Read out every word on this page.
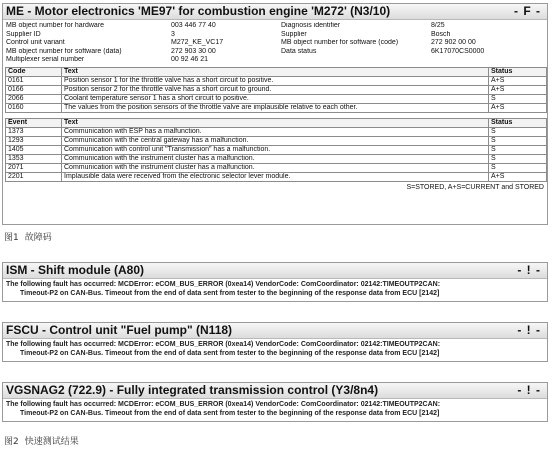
ME - Motor electronics 'ME97' for combustion engine 'M272' (N3/10)	- F -
MB object number for hardware	003 446 77 40	Diagnosis identifier	8/25
Supplier ID	3	Supplier	Bosch
Control unit variant	M272_KE_VC17	MB object number for software (code)	272 902 00 00
MB object number for software (data)	272 903 30 00	Data status	6K17070CS0000
Multiplexer serial number	00 92 46 21
Code	Text	Status
0161	Position sensor 1 for the throttle valve has a short circuit to positive.	A+S
0166	Position sensor 2 for the throttle valve has a short circuit to ground.	A+S
2066	Coolant temperature sensor 1 has a short circuit to positive.	S
0160	The values from the position sensors of the throttle valve are implausible relative to each other.	A+S
Event	Text	Status
1373	Communication with ESP has a malfunction.	S
1293	Communication with the central gateway has a malfunction.	S
1405	Communication with control unit "Transmission" has a malfunction.	S
1353	Communication with the instrument cluster has a malfunction.	S
2071	Communication with the instrument cluster has a malfunction.	S
2201	Implausible data were received from the electronic selector lever module.	A+S
S=STORED, A+S=CURRENT and STORED
图1 故障码
ISM - Shift module (A80)	- ! -
The following fault has occurred: MCDError: eCOM_BUS_ERROR (0xea14) VendorCode: ComCoordinator: 02142:TIMEOUTP2CAN:
Timeout-P2 on CAN-Bus. Timeout from the end of data sent from tester to the beginning of the response data from ECU [2142]
FSCU - Control unit "Fuel pump" (N118)	- ! -
The following fault has occurred: MCDError: eCOM_BUS_ERROR (0xea14) VendorCode: ComCoordinator: 02142:TIMEOUTP2CAN:
Timeout-P2 on CAN-Bus. Timeout from the end of data sent from tester to the beginning of the response data from ECU [2142]
VGSNAG2 (722.9) - Fully integrated transmission control (Y3/8n4)	- ! -
The following fault has occurred: MCDError: eCOM_BUS_ERROR (0xea14) VendorCode: ComCoordinator: 02142:TIMEOUTP2CAN:
Timeout-P2 on CAN-Bus. Timeout from the end of data sent from tester to the beginning of the response data from ECU [2142]
图2 快速测试结果
